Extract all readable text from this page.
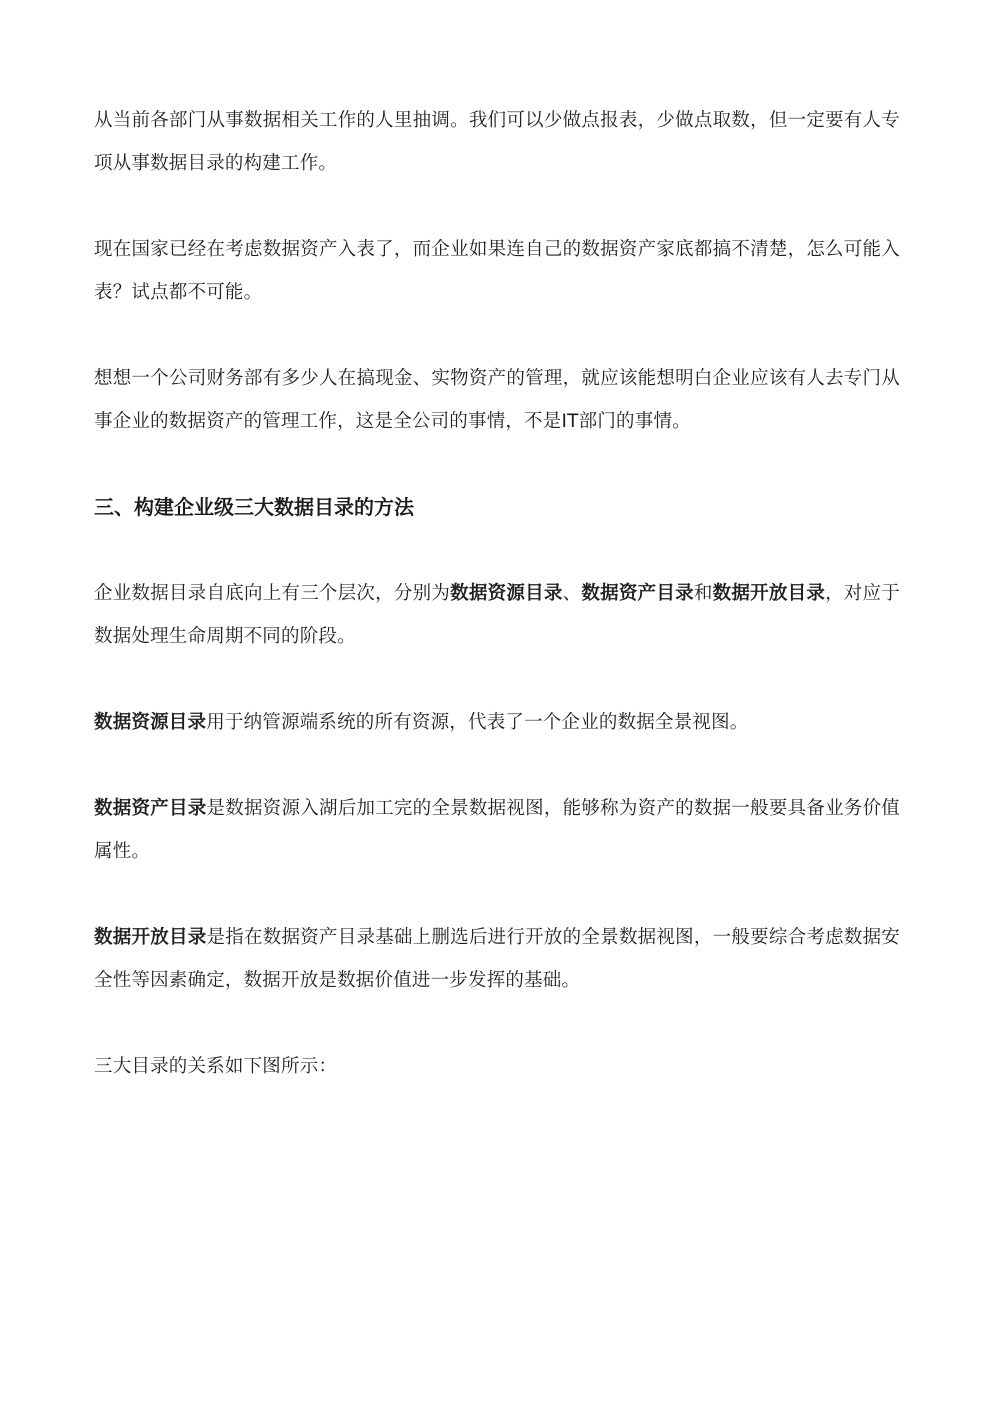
从当前各部门从事数据相关工作的人里抽调。我们可以少做点报表，少做点取数，但一定要有人专项从事数据目录的构建工作。

现在国家已经在考虑数据资产入表了，而企业如果连自己的数据资产家底都搞不清楚，怎么可能入表？试点都不可能。

想想一个公司财务部有多少人在搞现金、实物资产的管理，就应该能想明白企业应该有人去专门从事企业的数据资产的管理工作，这是全公司的事情，不是IT部门的事情。

三、构建企业级三大数据目录的方法

企业数据目录自底向上有三个层次，分别为数据资源目录、数据资产目录和数据开放目录，对应于数据处理生命周期不同的阶段。

数据资源目录用于纳管源端系统的所有资源，代表了一个企业的数据全景视图。

数据资产目录是数据资源入湖后加工完的全景数据视图，能够称为资产的数据一般要具备业务价值属性。

数据开放目录是指在数据资产目录基础上删选后进行开放的全景数据视图，一般要综合考虑数据安全性等因素确定，数据开放是数据价值进一步发挥的基础。

三大目录的关系如下图所示：
